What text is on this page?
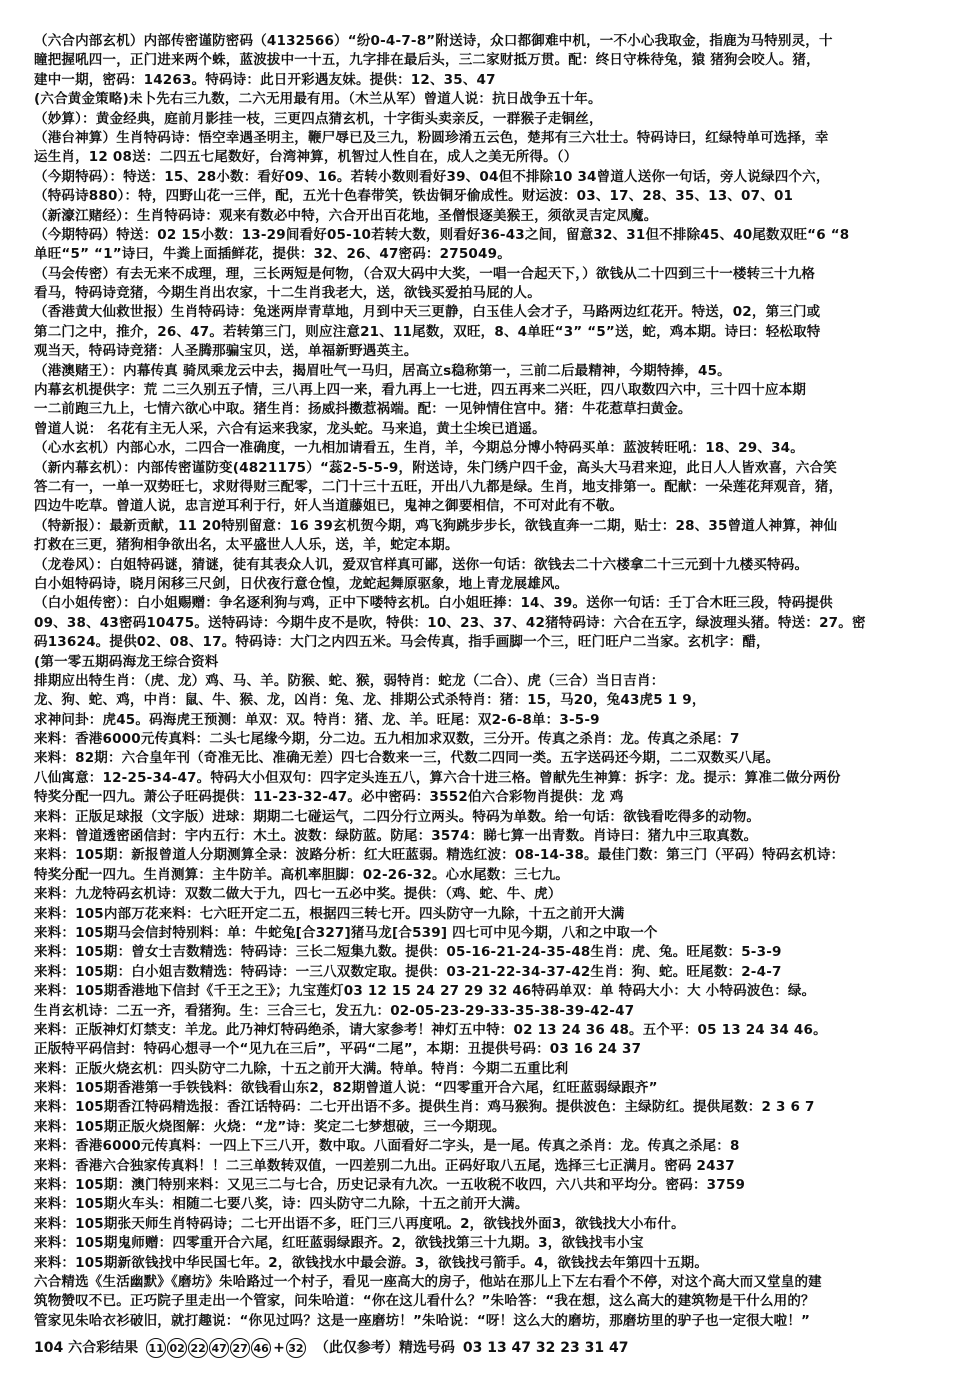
（六合内部玄机）内部传密谨防密码（4132566）“纷0-4-7-8”附送诗，众口都御难中机，一不小心我取金，指鹿为马特别灵，十
瞳把握吼四一，正门进来两个蛛，蓝波拔中一十五，九字排在最后头，三二家财抵万贯。配：终日守株待兔，猿 猪狗会咬人。猪，
建中一期，密码：14263。特码诗：此日开彩遇友妹。提供：12、35、47
(六合黄金策略)未卜先右三九数，二六无用最有用。（木兰从军）曾道人说：抗日战争五十年。
（妙算）：黄金经典，庭前月影挂一枝，三更四点猜玄机，十字街头卖亲反，一群猴子走铜丝，
（港台神算）生肖特码诗：悟空幸遇圣明主，鞭尸辱已及三九，粉圆珍淆五云色，楚邦有三六壮士。特码诗曰，红绿特单可选择，幸
运生肖，12 08送：二四五七尾数好，台湾神算，机智过人性自在，成人之美无所得。（）
（今期特码）：特送：15、28小数：看好09、16。若转小数则看好39、04但不排除10 34曾道人送你一句话，旁人说绿四个六，
（特码诗880）：特，四野山花一三伴，配，五光十色春带笑，铁齿铜牙偷成性。财运波：03、17、28、35、13、07、01
（新濠江赌经）：生肖特码诗：观来有数必中特，六合开出百花地，圣僧恨逐美猴王，须欲灵吉定凤魔。
（今期特码）特送：02 15小数：13-29间看好05-10若转大数，则看好36-43之间，留意32、31但不排除45、40尾数双旺“6 “8
单旺“5” “1”诗曰，牛粪上面插鲜花，提供：32、26、47密码：275049。
（马会传密）有去无来不成理，理，三长两短是何物，（合双大码中大奖，一唱一合起天下，）欲钱从二十四到三十一楼转三十九格
看马，特码诗竞猪，今期生肖出农家，十二生肖我老大，送，欲钱买爱拍马屁的人。
（香港黄大仙救世报）生肖特码诗：兔迷两岸青草地，月到中天三更静，白玉佳人会才子，马路两边红花开。特送，02，第三门或
第二门之中，推介，26、47。若转第三门，则应注意21、11尾数，双旺，8、4单旺“3” “5”送，蛇，鸡本期。诗曰：轻松取特
观当天，特码诗竞猪：人圣腾那骗宝贝，送，单福新野遇英主。
（港澳赌王）：内幕传真 骑凤乘龙云中去，揭眉吐气一马归，居高立s稳称第一，三前二后最精神，今期特捧，45。
内幕玄机提供字：荒 二三久别五子情，三八再上四一来，看九再上一七进，四五再来二兴旺，四八取数四六中，三十四十应本期
一二前跑三九上，七情六欲心中取。猪生肖：扬威抖擞惹祸端。配：一见钟情住宫中。猪：牛花惹草扫黄金。
曾道人说： 名花有主无人采，六合有运来我家，龙头蛇。马来追，黄土尘埃已逍遥。
（心水玄机）内部心水，二四合一准确度，一九相加请看五，生肖，羊，今期总分博小特码买单：蓝波转旺吼：18、29、34。
（新内幕玄机）：内部传密谨防变(4821175）“蕊2-5-5-9，附送诗，朱门绣户四千金，高头大马君来迎，此日人人皆欢喜，六合笑
答二有一，一单一双势旺七，求财得财三配零，二门十三十五旺，开出八九都是绿。生肖，地支排第一。配献：一朵莲花拜观音，猪，
四边牛吃草。曾道人说，忠言逆耳利于行，奸人当道藤姐已，鬼神之御要相信，不可对此有不敬。
（特新报）：最新贡献，11 20特别留意：16 39玄机贺今期，鸡飞狗跳步步长，欲钱直奔一二期，贴士：28、35曾道人神算，神仙
打救在三更，猪狗相争欲出名，太平盛世人人乐，送，羊，蛇定本期。
（龙卷风）：白姐特码谜，猜谜，徒有其表众人讥，爱双官样真可鄙，送你一句话：欲钱去二十六楼拿二十三元到十九楼买特码。
白小姐特码诗，晓月闲移三尺剑，日伏夜行意仓惶，龙蛇起舞原驱象，地上青龙展雄风。
（白小姐传密）：白小姐赐赠：争名逐利狗与鸡，正中下喽特玄机。白小姐旺捧：14、39。送你一句话：壬丁合木旺三段，特码提供
09、38、43密码10475。送特码诗：今期牛皮不是吹，特供：10、23、37、42猪特码诗：六合在五字，绿波理头猪。特送：27。密
码13624。提供02、08、17。特码诗：大门之内四五米。马会传真，指手画脚一个三，旺门旺户二当家。玄机字：醋，
(第一零五期码海龙王综合资料
排期应出特生肖：（虎、龙）鸡、马、羊。防猴、蛇、猴，弱特肖：蛇龙（二合）、虎（三合）当日吉肖：
龙、狗、蛇、鸡，中肖：鼠、牛、猴、龙，凶肖：兔、龙、排期公式杀特肖：猪：15，马20，兔43虎5 1 9，
求神问卦：虎45。码海虎王预测：单双：双。特肖：猪、龙、羊。旺尾：双2-6-8单：3-5-9
来料：香港6000元传真料：二头七尾缘今期，分二边。五九相加求双数，三分开。传真之杀肖：龙。传真之杀尾：7
来料：82期：六合皇年刊（奇准无比、准确无差）四七合数来一三，代数二四同一类。五字送码还今期，二二双数买八尾。
八仙寓意：12-25-34-47。特码大小但双句：四字定头连五八，算六合十进三格。曾献先生神算：拆字：龙。提示：算准二做分两份
特奖分配一四九。萧公子旺码提供：11-23-32-47。必中密码：3552伯六合彩物肖提供：龙 鸡
来料：正版足球报（文字版）进球：期期二七碰运气，二四分行立两头。特码为单数。给一句话：欲钱看吃得多的动物。
来料：曾道透密函信封：宇内五行：木土。波数：绿防蓝。防尾：3574：睇七算一出青数。肖诗曰：猪九中三取真数。
来料：105期：新报曾道人分期测算全录：波路分析：红大旺蓝弱。精选红波：08-14-38。最佳门数：第三门（平码）特码玄机诗：
特奖分配一四九。生肖测算：主牛防羊。高机率胆脚：02-26-32。心水尾数：三七九。
来料：九龙特码玄机诗：双数二做大于九，四七一五必中奖。提供：（鸡、蛇、牛、虎）
来料：105内部万花来料：七六旺开定二五，根据四三转七开。四头防守一九除，十五之前开大满
来料：105期马会信封特别料：单：牛蛇兔[合327]猪马龙[合539] 四七可中见今期，八和之中取一个
来料：105期：曾女士吉数精选：特码诗：三长二短集九数。提供：05-16-21-24-35-48生肖：虎、兔。旺尾数：5-3-9
来料：105期：白小姐吉数精选：特码诗：一三八双数定取。提供：03-21-22-34-37-42生肖：狗、蛇。旺尾数：2-4-7
来料：105期香港地下信封《千王之王》；九宝莲灯03 12 15 24 27 29 32 46特码单双：单 特码大小：大 小特码波色：绿。
生肖玄机诗：二五一齐，看猪狗。生：三合三七，发五九：02-05-23-29-33-35-38-39-42-47
来料：正版神灯灯禁支：羊龙。此乃神灯特码绝杀，请大家参考！神灯五中特：02 13 24 36 48。五个平：05 13 24 34 46。
正版特平码信封：特码心想寻一个“见九在三后”，平码“二尾”，本期：丑提供号码：03 16 24 37
来料：正版火烧玄机：四头防守二九除，十五之前开大满。特单。特肖：今期二五重比利
来料：105期香港第一手铁钱料：欲钱看山东2，82期曾道人说：“四零重开合六尾，红旺蓝弱绿跟齐”
来料：105期香江特码精选报：香江话特码：二七开出语不多。提供生肖：鸡马猴狗。提供波色：主绿防红。提供尾数：2 3 6 7
来料：105期正版火烧图解：火烧：“龙”诗：奖定二七梦想破，三一今期现。
来料：香港6000元传真料：一四上下三八开，数中取。八面看好二字头，是一尾。传真之杀肖：龙。传真之杀尾：8
来料：香港六合独家传真料！！二三单数转双值，一四差别二九出。正码好取八五尾，选择三七正满月。密码 2437
来料：105期：澳门特别来料：又见三二与七合，历史记录有九次。一五收税不收四，六八共和平均分。密码：3759
来料：105期火车头：相随二七要八奖，诗：四头防守二九除，十五之前开大满。
来料：105期张天师生肖特码诗；二七开出语不多，旺门三八再度吼。2，欲钱找外面3，欲钱找大小布什。
来料：105期鬼师赠：四零重开合六尾，红旺蓝弱绿跟齐。2，欲钱找第三十九期。3，欲钱找韦小宝
来料：105期新欲钱找中华民国七年。2，欲钱找水中最会游。3，欲钱找弓箭手。4，欲钱找去年第四十五期。
六合精选《生活幽默》《磨坊》朱哈路过一个村子，看见一座高大的房子，他站在那儿上下左右看个不停，对这个高大而又堂皇的建
筑物赞叹不已。正巧院子里走出一个管家，问朱哈道：“你在这儿看什么？”朱哈答：“我在想，这么高大的建筑物是干什么用的？
管家见朱哈衣衫破旧，就打趣说：“你见过吗？这是一座磨坊！”朱哈说：“呀！这么大的磨坊，那磨坊里的驴子也一定很大啦！”
104 六合彩结果 11 02 22 47 27 46 + 32 （此仅参考） 精选号码 03 13 47 32 23 31 47
